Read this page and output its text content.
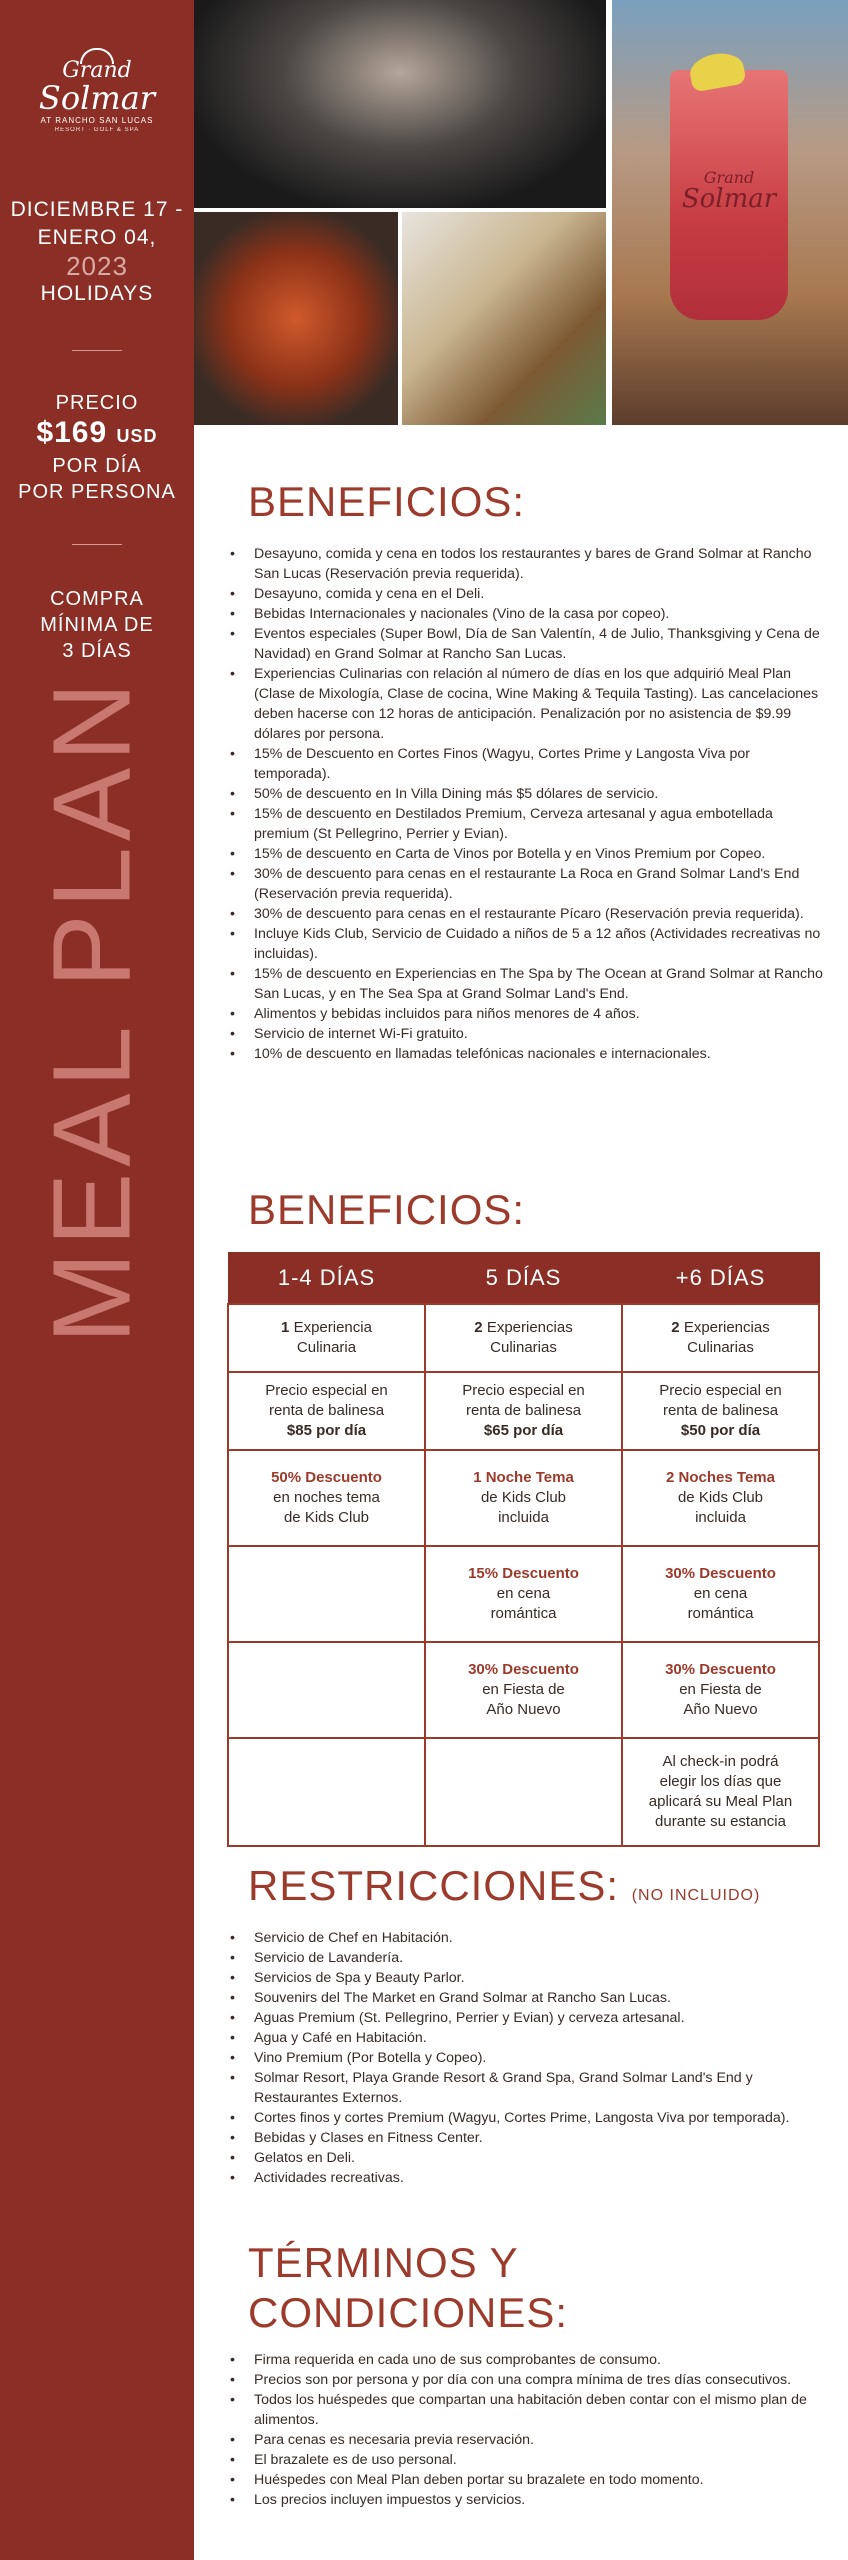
Grand
Solmar
AT RANCHO SAN LUCAS
RESORT · GOLF & SPA
DICIEMBRE 17 -
ENERO 04,
2023
HOLIDAYS
PRECIO
$169 USD
POR DÍA
POR PERSONA
COMPRA
MÍNIMA DE
3 DÍAS
MEAL PLAN
Grand
Solmar
BENEFICIOS:
• Desayuno, comida y cena en todos los restaurantes y bares de Grand Solmar at Rancho San Lucas (Reservación previa requerida).
• Desayuno, comida y cena en el Deli.
• Bebidas Internacionales y nacionales (Vino de la casa por copeo).
• Eventos especiales (Super Bowl, Día de San Valentín, 4 de Julio, Thanksgiving y Cena de Navidad) en Grand Solmar at Rancho San Lucas.
• Experiencias Culinarias con relación al número de días en los que adquirió Meal Plan (Clase de Mixología, Clase de cocina, Wine Making & Tequila Tasting). Las cancelaciones deben hacerse con 12 horas de anticipación. Penalización por no asistencia de $9.99 dólares por persona.
• 15% de Descuento en Cortes Finos (Wagyu, Cortes Prime y Langosta Viva por temporada).
• 50% de descuento en In Villa Dining más $5 dólares de servicio.
• 15% de descuento en Destilados Premium, Cerveza artesanal y agua embotellada premium (St Pellegrino, Perrier y Evian).
• 15% de descuento en Carta de Vinos por Botella y en Vinos Premium por Copeo.
• 30% de descuento para cenas en el restaurante La Roca en Grand Solmar Land's End (Reservación previa requerida).
• 30% de descuento para cenas en el restaurante Pícaro (Reservación previa requerida).
• Incluye Kids Club, Servicio de Cuidado a niños de 5 a 12 años (Actividades recreativas no incluidas).
• 15% de descuento en Experiencias en The Spa by The Ocean at Grand Solmar at Rancho San Lucas, y en The Sea Spa at Grand Solmar Land's End.
• Alimentos y bebidas incluidos para niños menores de 4 años.
• Servicio de internet Wi-Fi gratuito.
• 10% de descuento en llamadas telefónicas nacionales e internacionales.
BENEFICIOS:
1-4 DÍAS	5 DÍAS	+6 DÍAS
1 Experiencia
Culinaria	2 Experiencias
Culinarias	2 Experiencias
Culinarias
Precio especial en
renta de balinesa
$85 por día	Precio especial en
renta de balinesa
$65 por día	Precio especial en
renta de balinesa
$50 por día
50% Descuento
en noches tema
de Kids Club	1 Noche Tema
de Kids Club
incluida	2 Noches Tema
de Kids Club
incluida
	15% Descuento
en cena
romántica	30% Descuento
en cena
romántica
	30% Descuento
en Fiesta de
Año Nuevo	30% Descuento
en Fiesta de
Año Nuevo
		Al check-in podrá
elegir los días que
aplicará su Meal Plan
durante su estancia
RESTRICCIONES: (NO INCLUIDO)
• Servicio de Chef en Habitación.
• Servicio de Lavandería.
• Servicios de Spa y Beauty Parlor.
• Souvenirs del The Market en Grand Solmar at Rancho San Lucas.
• Aguas Premium (St. Pellegrino, Perrier y Evian) y cerveza artesanal.
• Agua y Café en Habitación.
• Vino Premium (Por Botella y Copeo).
• Solmar Resort, Playa Grande Resort & Grand Spa, Grand Solmar Land's End y Restaurantes Externos.
• Cortes finos y cortes Premium (Wagyu, Cortes Prime, Langosta Viva por temporada).
• Bebidas y Clases en Fitness Center.
• Gelatos en Deli.
• Actividades recreativas.
TÉRMINOS Y
CONDICIONES:
• Firma requerida en cada uno de sus comprobantes de consumo.
• Precios son por persona y por día con una compra mínima de tres días consecutivos.
• Todos los huéspedes que compartan una habitación deben contar con el mismo plan de alimentos.
• Para cenas es necesaria previa reservación.
• El brazalete es de uso personal.
• Huéspedes con Meal Plan deben portar su brazalete en todo momento.
• Los precios incluyen impuestos y servicios.
